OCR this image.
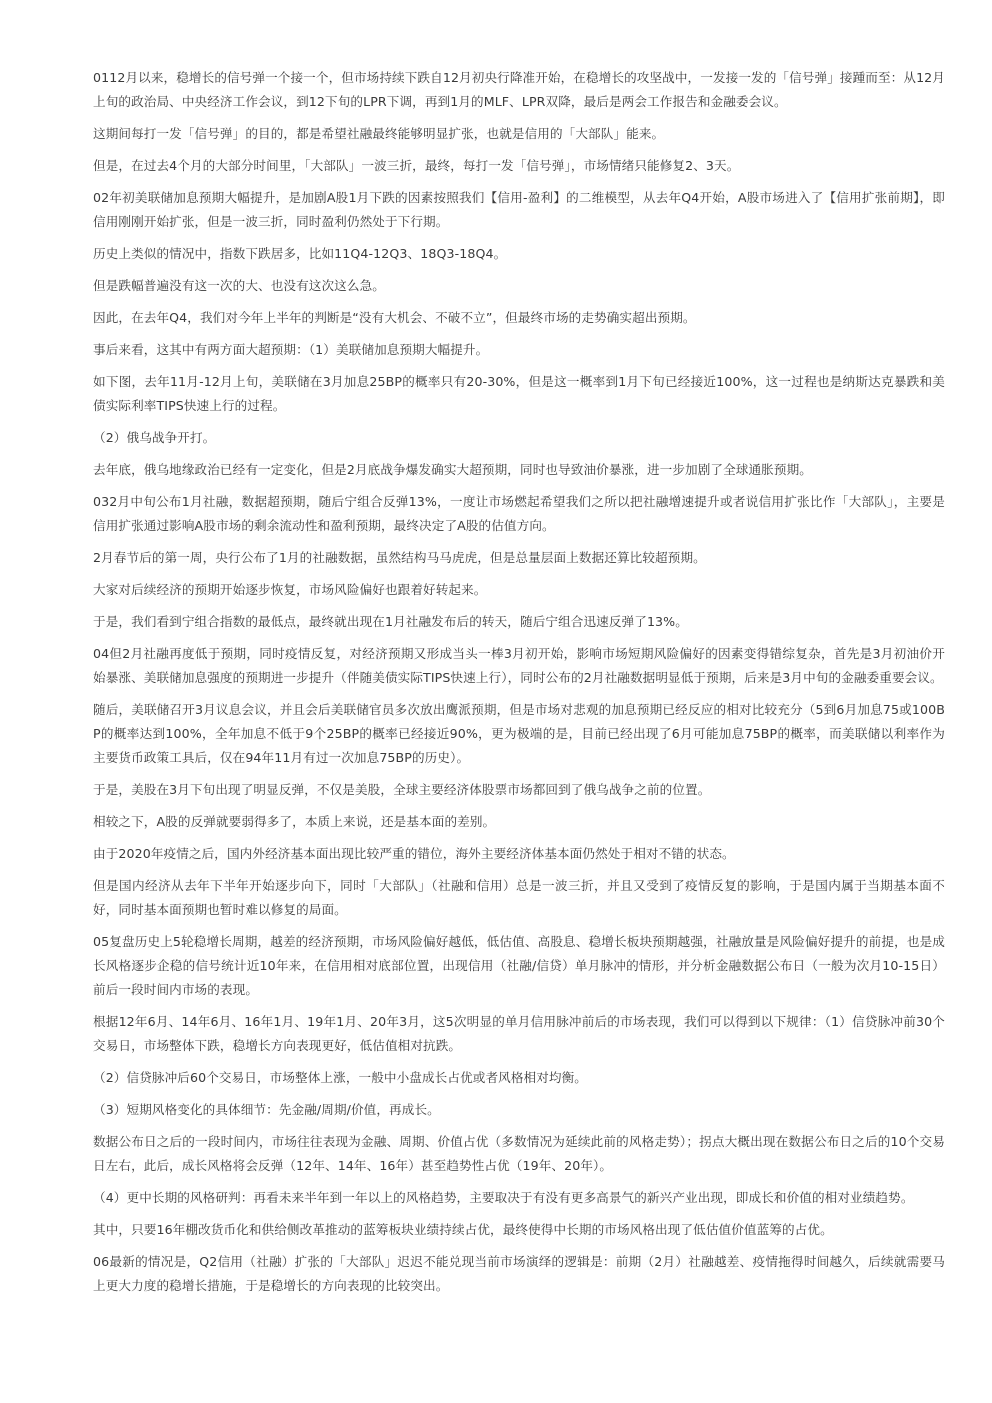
0112月以来，稳增长的信号弹一个接一个，但市场持续下跌自12月初央行降准开始，在稳增长的攻坚战中，一发接一发的「信号弹」接踵而至：从12月上旬的政治局、中央经济工作会议，到12下旬的LPR下调，再到1月的MLF、LPR双降，最后是两会工作报告和金融委会议。

这期间每打一发「信号弹」的目的，都是希望社融最终能够明显扩张，也就是信用的「大部队」能来。

但是，在过去4个月的大部分时间里，「大部队」一波三折，最终，每打一发「信号弹」，市场情绪只能修复2、3天。

02年初美联储加息预期大幅提升，是加剧A股1月下跌的因素按照我们【信用-盈利】的二维模型，从去年Q4开始，A股市场进入了【信用扩张前期】，即信用刚刚开始扩张，但是一波三折，同时盈利仍然处于下行期。

历史上类似的情况中，指数下跌居多，比如11Q4-12Q3、18Q3-18Q4。

但是跌幅普遍没有这一次的大、也没有这次这么急。

因此，在去年Q4，我们对今年上半年的判断是“没有大机会、不破不立”，但最终市场的走势确实超出预期。

事后来看，这其中有两方面大超预期：（1）美联储加息预期大幅提升。

如下图，去年11月-12月上旬，美联储在3月加息25BP的概率只有20-30%，但是这一概率到1月下旬已经接近100%，这一过程也是纳斯达克暴跌和美债实际利率TIPS快速上行的过程。

（2）俄乌战争开打。

去年底，俄乌地缘政治已经有一定变化，但是2月底战争爆发确实大超预期，同时也导致油价暴涨，进一步加剧了全球通胀预期。

032月中旬公布1月社融，数据超预期，随后宁组合反弹13%，一度让市场燃起希望我们之所以把社融增速提升或者说信用扩张比作「大部队」，主要是信用扩张通过影响A股市场的剩余流动性和盈利预期，最终决定了A股的估值方向。

2月春节后的第一周，央行公布了1月的社融数据，虽然结构马马虎虎，但是总量层面上数据还算比较超预期。

大家对后续经济的预期开始逐步恢复，市场风险偏好也跟着好转起来。

于是，我们看到宁组合指数的最低点，最终就出现在1月社融发布后的转天，随后宁组合迅速反弹了13%。

04但2月社融再度低于预期，同时疫情反复，对经济预期又形成当头一棒3月初开始，影响市场短期风险偏好的因素变得错综复杂，首先是3月初油价开始暴涨、美联储加息强度的预期进一步提升（伴随美债实际TIPS快速上行），同时公布的2月社融数据明显低于预期，后来是3月中旬的金融委重要会议。

随后，美联储召开3月议息会议，并且会后美联储官员多次放出鹰派预期，但是市场对悲观的加息预期已经反应的相对比较充分（5到6月加息75或100BP的概率达到100%，全年加息不低于9个25BP的概率已经接近90%，更为极端的是，目前已经出现了6月可能加息75BP的概率，而美联储以利率作为主要货币政策工具后，仅在94年11月有过一次加息75BP的历史）。

于是，美股在3月下旬出现了明显反弹，不仅是美股，全球主要经济体股票市场都回到了俄乌战争之前的位置。

相较之下，A股的反弹就要弱得多了，本质上来说，还是基本面的差别。

由于2020年疫情之后，国内外经济基本面出现比较严重的错位，海外主要经济体基本面仍然处于相对不错的状态。

但是国内经济从去年下半年开始逐步向下，同时「大部队」（社融和信用）总是一波三折，并且又受到了疫情反复的影响，于是国内属于当期基本面不好，同时基本面预期也暂时难以修复的局面。

05复盘历史上5轮稳增长周期，越差的经济预期，市场风险偏好越低，低估值、高股息、稳增长板块预期越强，社融放量是风险偏好提升的前提，也是成长风格逐步企稳的信号统计近10年来，在信用相对底部位置，出现信用（社融/信贷）单月脉冲的情形，并分析金融数据公布日（一般为次月10-15日）前后一段时间内市场的表现。

根据12年6月、14年6月、16年1月、19年1月、20年3月，这5次明显的单月信用脉冲前后的市场表现，我们可以得到以下规律：（1）信贷脉冲前30个交易日，市场整体下跌，稳增长方向表现更好，低估值相对抗跌。

（2）信贷脉冲后60个交易日，市场整体上涨，一般中小盘成长占优或者风格相对均衡。

（3）短期风格变化的具体细节：先金融/周期/价值，再成长。

数据公布日之后的一段时间内，市场往往表现为金融、周期、价值占优（多数情况为延续此前的风格走势）；拐点大概出现在数据公布日之后的10个交易日左右，此后，成长风格将会反弹（12年、14年、16年）甚至趋势性占优（19年、20年）。

（4）更中长期的风格研判：再看未来半年到一年以上的风格趋势，主要取决于有没有更多高景气的新兴产业出现，即成长和价值的相对业绩趋势。

其中，只要16年棚改货币化和供给侧改革推动的蓝筹板块业绩持续占优，最终使得中长期的市场风格出现了低估值价值蓝筹的占优。

06最新的情况是，Q2信用（社融）扩张的「大部队」迟迟不能兑现当前市场演绎的逻辑是：前期（2月）社融越差、疫情拖得时间越久，后续就需要马上更大力度的稳增长措施，于是稳增长的方向表现的比较突出。
